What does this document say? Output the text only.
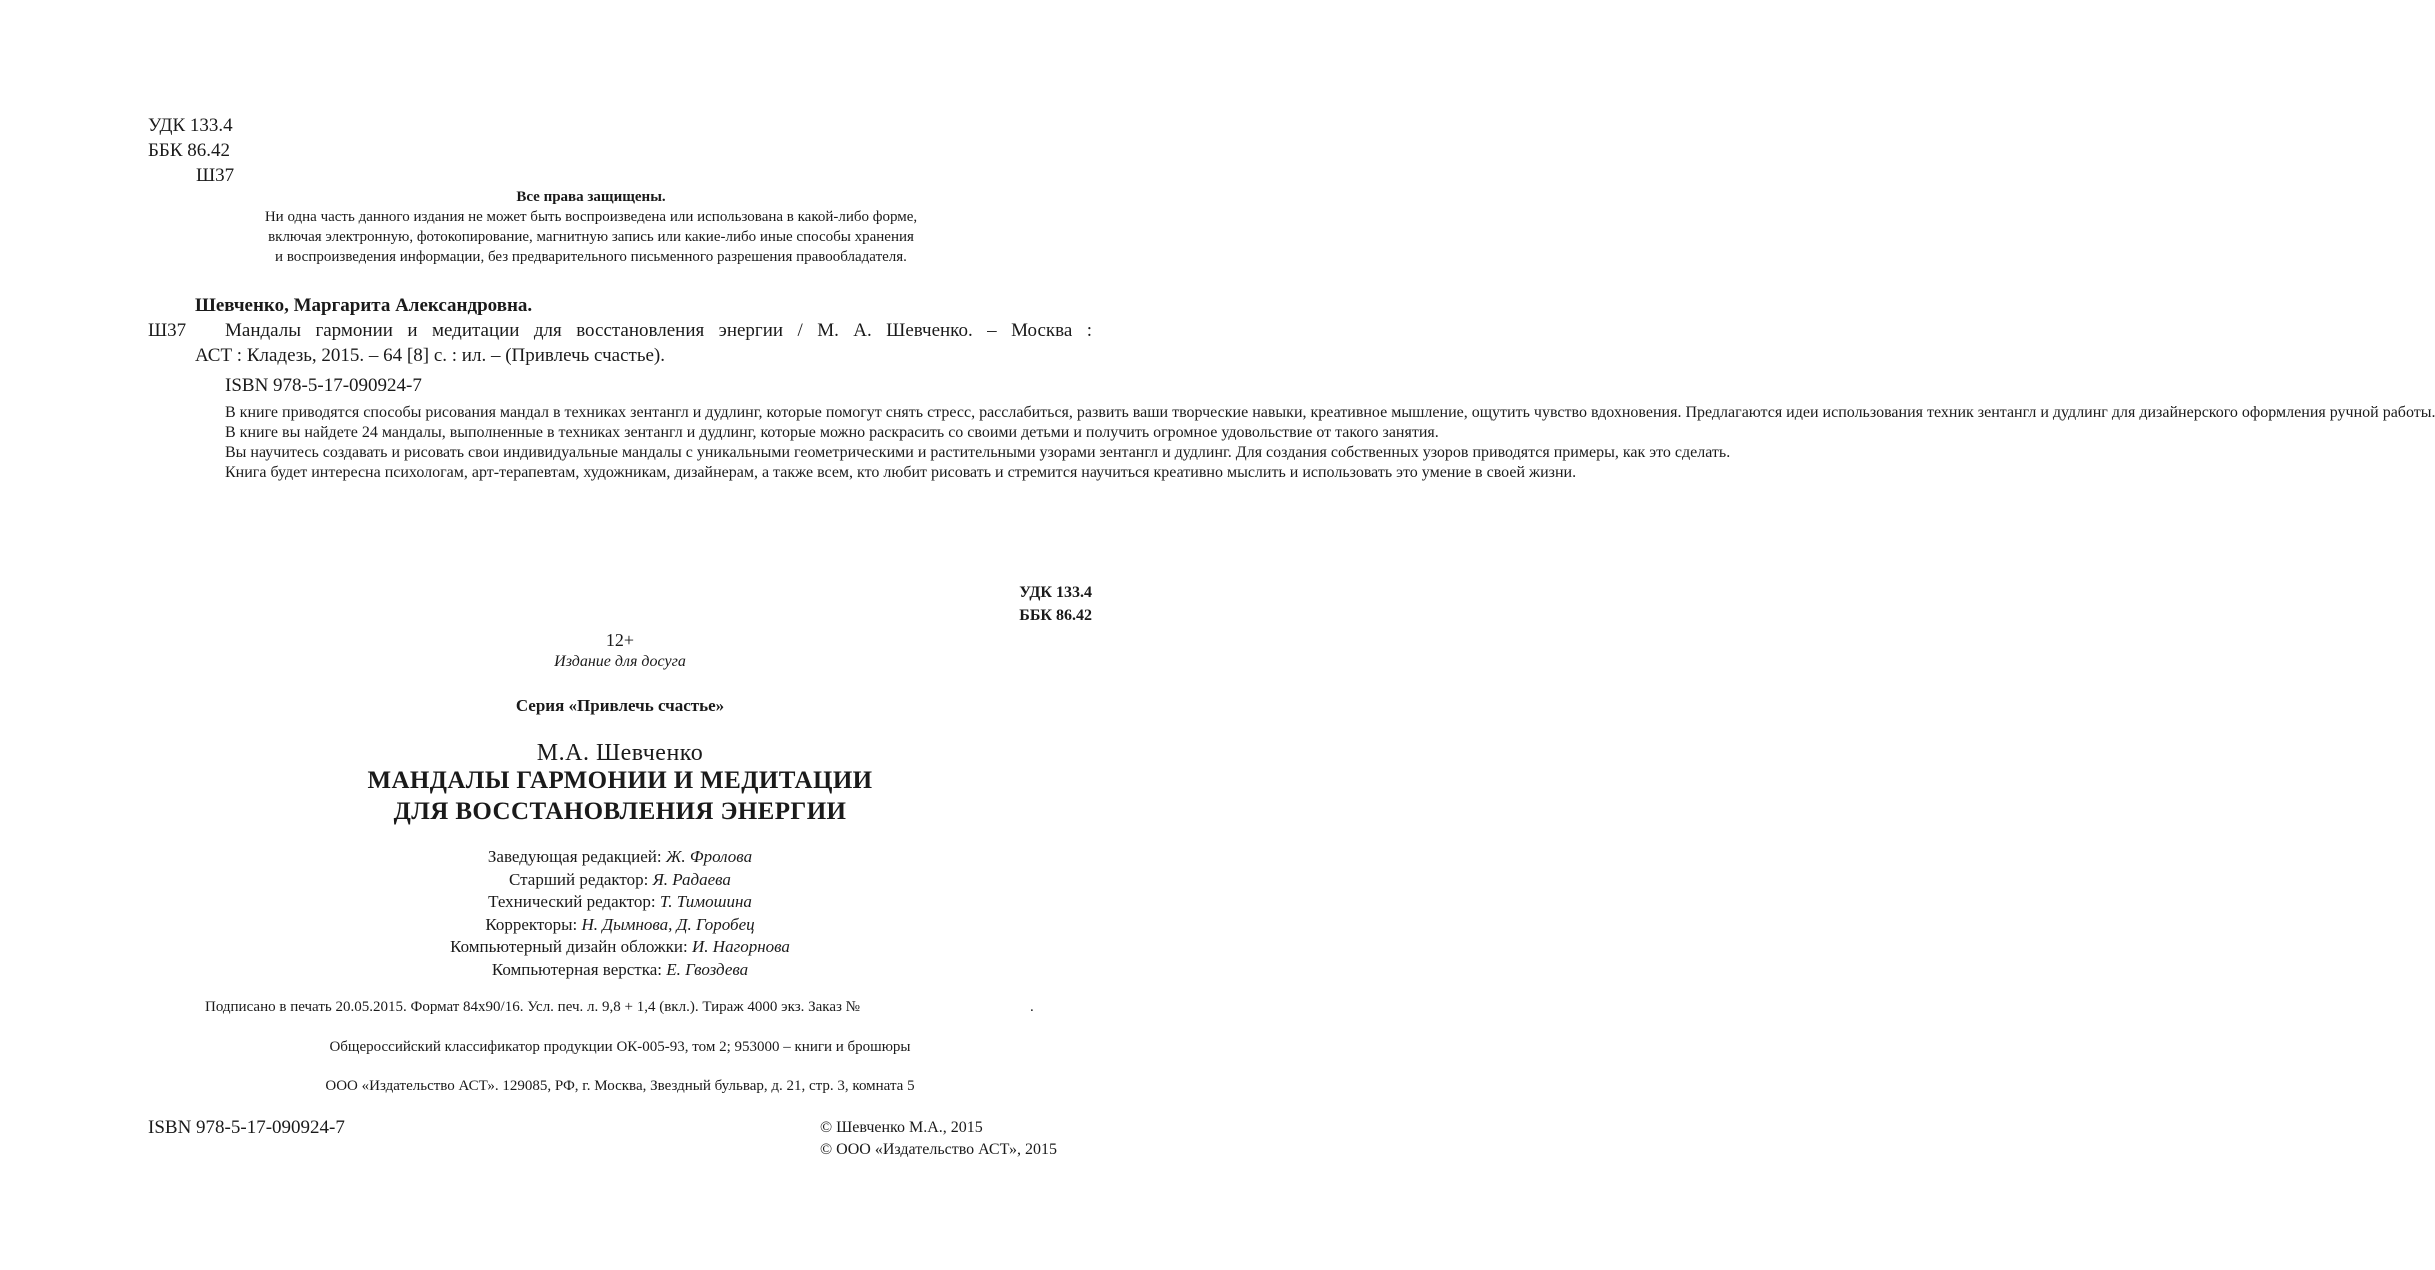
УДК 133.4
ББК 86.42
Ш37
Все права защищены.
Ни одна часть данного издания не может быть воспроизведена или использована в какой-либо форме,
включая электронную, фотокопирование, магнитную запись или какие-либо иные способы хранения
и воспроизведения информации, без предварительного письменного разрешения правообладателя.
Шевченко, Маргарита Александровна.
Ш37 Мандалы гармонии и медитации для восстановления энергии / М. А. Шевченко. – Москва :
АСТ : Кладезь, 2015. – 64 [8] с. : ил. – (Привлечь счастье).
ISBN 978-5-17-090924-7

В книге приводятся способы рисования мандал в техниках зентангл и дудлинг, которые помогут снять стресс, расслабиться, развить ваши творческие навыки, креативное мышление, ощутить чувство вдохновения. Предлагаются идеи использования техник зентангл и дудлинг для дизайнерского оформления ручной работы.

В книге вы найдете 24 мандалы, выполненные в техниках зентангл и дудлинг, которые можно раскрасить со своими детьми и получить огромное удовольствие от такого занятия.

Вы научитесь создавать и рисовать свои индивидуальные мандалы с уникальными геометрическими и растительными узорами зентангл и дудлинг. Для создания собственных узоров приводятся примеры, как это сделать.

Книга будет интересна психологам, арт-терапевтам, художникам, дизайнерам, а также всем, кто любит рисовать и стремится научиться креативно мыслить и использовать это умение в своей жизни.

УДК 133.4
ББК 86.42
12+
Издание для досуга
Серия «Привлечь счастье»
М.А. Шевченко
МАНДАЛЫ ГАРМОНИИ И МЕДИТАЦИИ
ДЛЯ ВОССТАНОВЛЕНИЯ ЭНЕРГИИ
Заведующая редакцией: Ж. Фролова
Старший редактор: Я. Радаева
Технический редактор: Т. Тимошина
Корректоры: Н. Дымнова, Д. Горобец
Компьютерный дизайн обложки: И. Нагорнова
Компьютерная верстка: Е. Гвоздева
Подписано в печать 20.05.2015. Формат 84х90/16. Усл. печ. л. 9,8 + 1,4 (вкл.). Тираж 4000 экз. Заказ №	.
Общероссийский классификатор продукции ОК-005-93, том 2; 953000 – книги и брошюры
ООО «Издательство АСТ». 129085, РФ, г. Москва, Звездный бульвар, д. 21, стр. 3, комната 5
ISBN 978-5-17-090924-7	© Шевченко М.А., 2015
© ООО «Издательство АСТ», 2015
